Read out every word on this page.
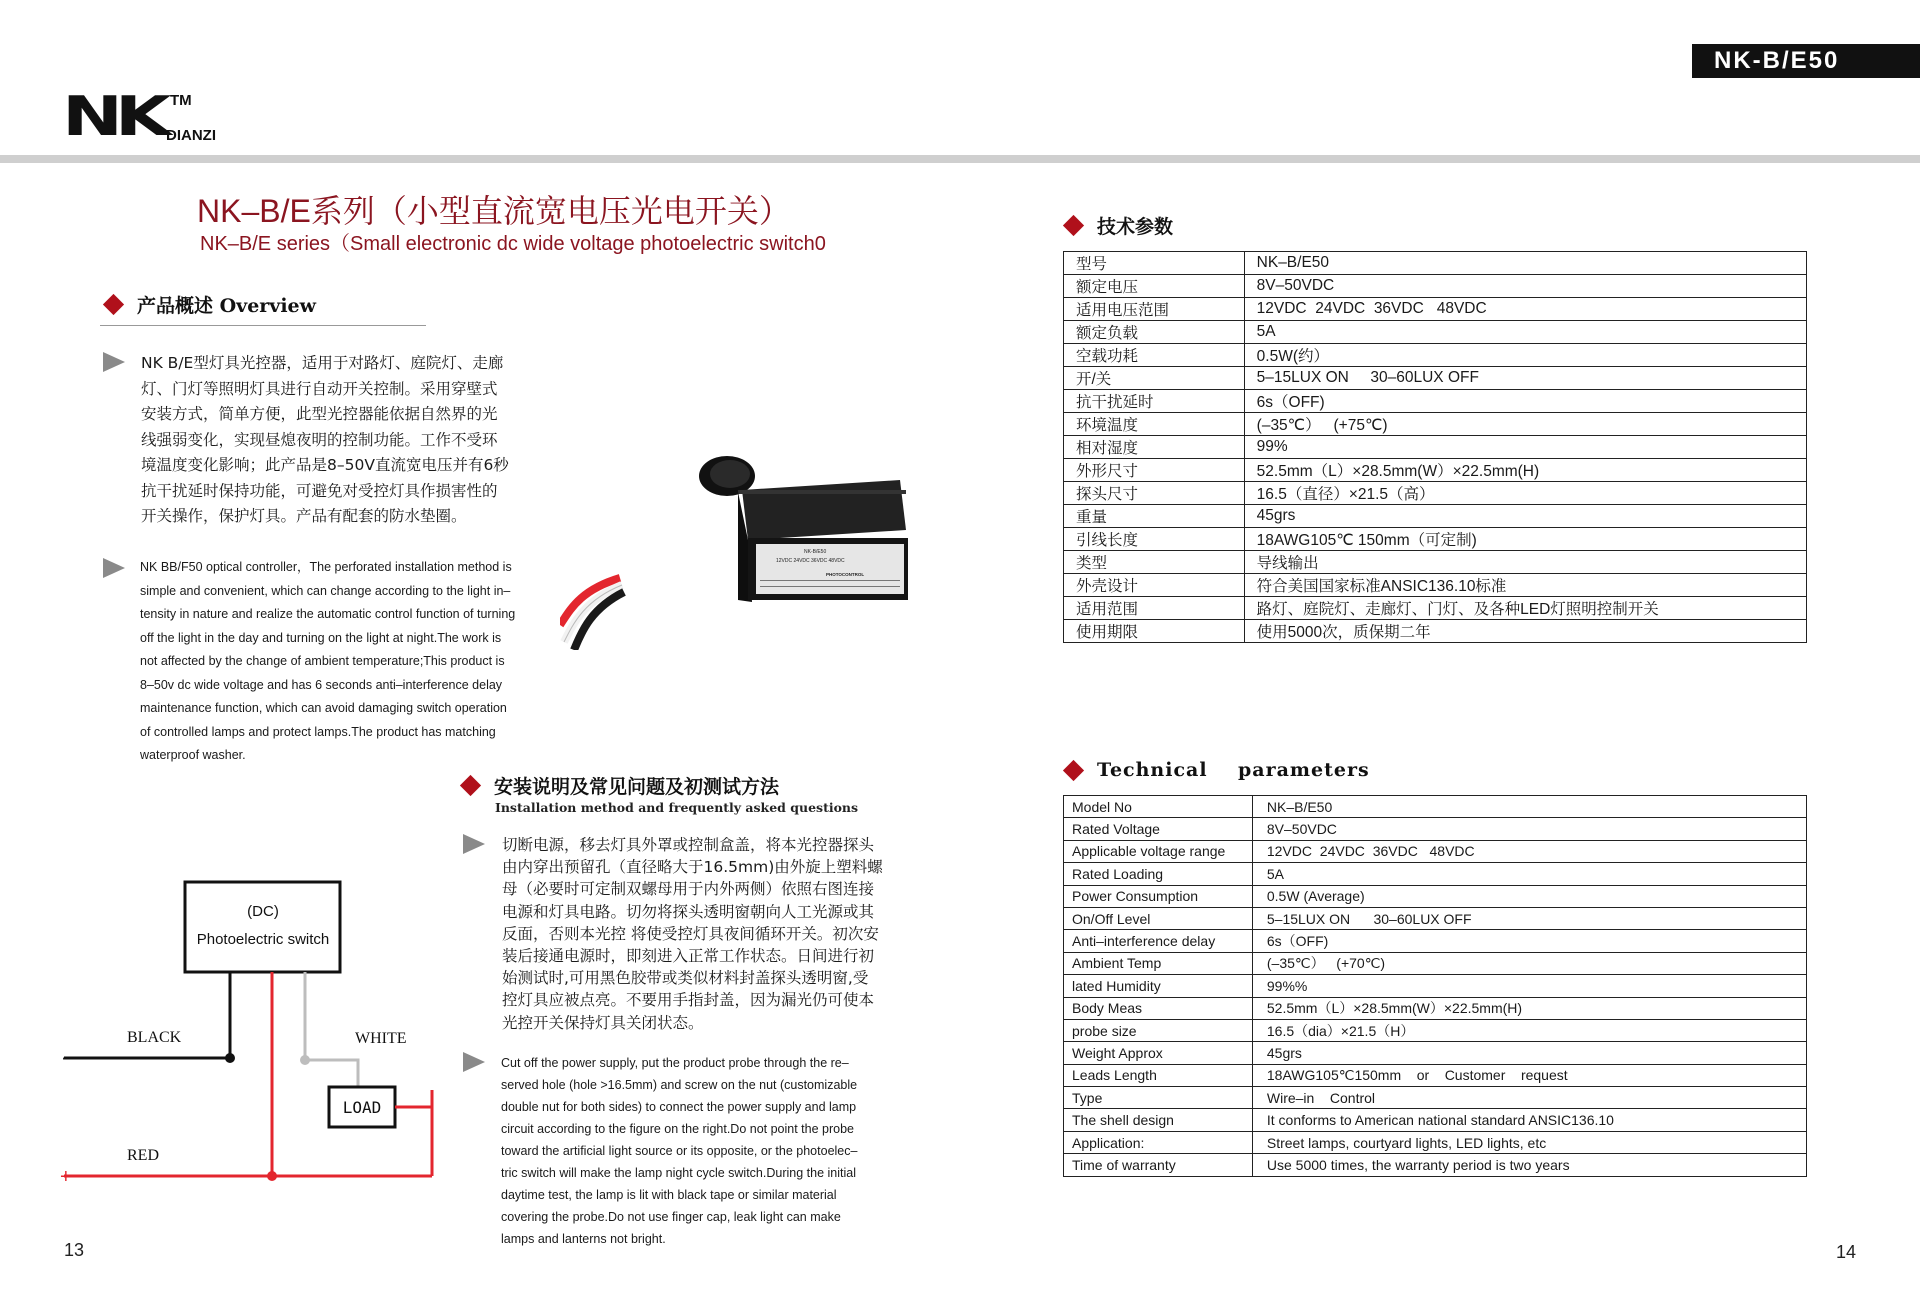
NK TM
DIANZI
NK-B/E50
NK–B/E系列（小型直流宽电压光电开关）
NK–B/E series（Small electronic dc wide voltage photoelectric switch0
产品概述 Overview
NK B/E型灯具光控器，适用于对路灯、庭院灯、走廊
灯、门灯等照明灯具进行自动开关控制。采用穿壁式
安装方式，简单方便，此型光控器能依据自然界的光
线强弱变化，实现昼熄夜明的控制功能。工作不受环
境温度变化影响；此产品是8–50V直流宽电压并有6秒
抗干扰延时保持功能，可避免对受控灯具作损害性的
开关操作，保护灯具。产品有配套的防水垫圈。
NK BB/F50 optical controller，The perforated installation method is
simple and convenient, which can change according to the light in–
tensity in nature and realize the automatic control function of turning
off the light in the day and turning on the light at night.The work is
not affected by the change of ambient temperature;This product is
8–50v dc wide voltage and has 6 seconds anti–interference delay
maintenance function, which can avoid damaging switch operation
of controlled lamps and protect lamps.The product has matching
waterproof washer.
NK-B/E50
12VDC 24VDC 36VDC 48VDC
PHOTOCONTROL
(DC)
Photoelectric switch
LOAD
BLACK	WHITE
RED
-
+
安装说明及常见问题及初测试方法
Installation method and frequently asked questions
切断电源，移去灯具外罩或控制盒盖，将本光控器探头
由内穿出预留孔（直径略大于16.5mm)由外旋上塑料螺
母（必要时可定制双螺母用于内外两侧）依照右图连接
电源和灯具电路。切勿将探头透明窗朝向人工光源或其
反面，否则本光控 将使受控灯具夜间循环开关。初次安
装后接通电源时，即刻进入正常工作状态。日间进行初
始测试时,可用黑色胶带或类似材料封盖探头透明窗,受
控灯具应被点亮。不要用手指封盖，因为漏光仍可使本
光控开关保持灯具关闭状态。
Cut off the power supply, put the product probe through the re–
served hole (hole >16.5mm) and screw on the nut (customizable
double nut for both sides) to connect the power supply and lamp
circuit according to the figure on the right.Do not point the probe
toward the artificial light source or its opposite, or the photoelec–
tric switch will make the lamp night cycle switch.During the initial
daytime test, the lamp is lit with black tape or similar material
covering the probe.Do not use finger cap, leak light can make
lamps and lanterns not bright.
13	14
技术参数
型号	NK–B/E50
额定电压	8V–50VDC
适用电压范围	12VDC  24VDC  36VDC   48VDC
额定负载	5A
空载功耗	0.5W(约）
开/关	5–15LUX ON     30–60LUX OFF
抗干扰延时	6s（OFF)
环境温度	(–35℃）   (+75℃)
相对湿度	99%
外形尺寸	52.5mm（L）×28.5mm(W）×22.5mm(H)
探头尺寸	16.5（直径）×21.5（高）
重量	45grs
引线长度	18AWG105℃ 150mm（可定制)
类型	导线输出
外壳设计	符合美国国家标准ANSIC136.10标准
适用范围	路灯、庭院灯、走廊灯、门灯、及各种LED灯照明控制开关
使用期限	使用5000次，质保期二年
Technical    parameters
Model No	NK–B/E50
Rated Voltage	8V–50VDC
Applicable voltage range	12VDC  24VDC  36VDC   48VDC
Rated Loading	5A
Power Consumption	0.5W (Average)
On/Off Level	5–15LUX ON      30–60LUX OFF
Anti–interference delay	6s（OFF)
Ambient Temp	(–35℃）   (+70℃)
lated Humidity	99%%
Body Meas	52.5mm（L）×28.5mm(W）×22.5mm(H)
probe size	16.5（dia）×21.5（H）
Weight Approx	45grs
Leads Length	18AWG105℃150mm    or    Customer    request
Type	Wire–in    Control
The shell design	It conforms to American national standard ANSIC136.10
Application:	Street lamps, courtyard lights, LED lights, etc
Time of warranty	Use 5000 times, the warranty period is two years
